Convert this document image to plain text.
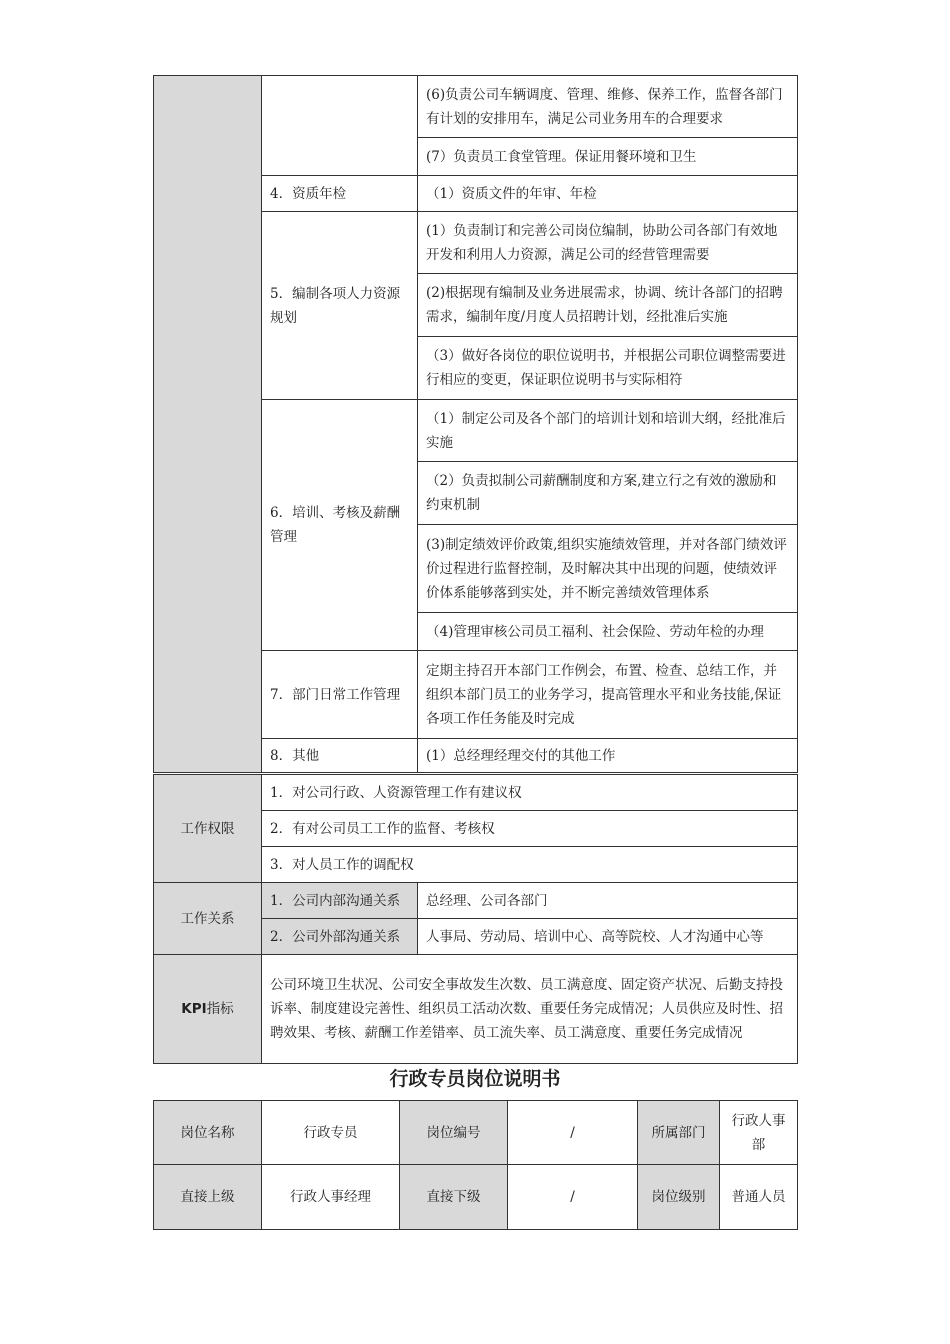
		(6)负责公司车辆调度、管理、维修、保养工作，监督各部门有计划的安排用车，满足公司业务用车的合理要求
		(7）负责员工食堂管理。保证用餐环境和卫生
	4．资质年检	（1）资质文件的年审、年检
	5．编制各项人力资源规划	(1）负责制订和完善公司岗位编制，协助公司各部门有效地开发和利用人力资源，满足公司的经营管理需要
		(2)根据现有编制及业务进展需求，协调、统计各部门的招聘需求，编制年度/月度人员招聘计划，经批准后实施
		（3）做好各岗位的职位说明书，并根据公司职位调整需要进行相应的变更，保证职位说明书与实际相符
	6．培训、考核及薪酬管理	（1）制定公司及各个部门的培训计划和培训大纲，经批准后实施
		（2）负责拟制公司薪酬制度和方案,建立行之有效的激励和约束机制
		(3)制定绩效评价政策,组织实施绩效管理，并对各部门绩效评价过程进行监督控制，及时解决其中出现的问题，使绩效评价体系能够落到实处，并不断完善绩效管理体系
		（4)管理审核公司员工福利、社会保险、劳动年检的办理
	7．部门日常工作管理	定期主持召开本部门工作例会，布置、检查、总结工作，并组织本部门员工的业务学习，提高管理水平和业务技能,保证各项工作任务能及时完成
	8．其他	(1）总经理经理交付的其他工作
工作权限	1．对公司行政、人资源管理工作有建议权	
	2．有对公司员工工作的监督、考核权	
	3．对人员工作的调配权	
工作关系	1．公司内部沟通关系	总经理、公司各部门
	2．公司外部沟通关系	人事局、劳动局、培训中心、高等院校、人才沟通中心等
KPI指标	公司环境卫生状况、公司安全事故发生次数、员工满意度、固定资产状况、后勤支持投诉率、制度建设完善性、组织员工活动次数、重要任务完成情况；人员供应及时性、招聘效果、考核、薪酬工作差错率、员工流失率、员工满意度、重要任务完成情况	
行政专员岗位说明书
岗位名称	行政专员	岗位编号	/	所属部门	行政人事部
直接上级	行政人事经理	直接下级	/	岗位级别	普通人员
